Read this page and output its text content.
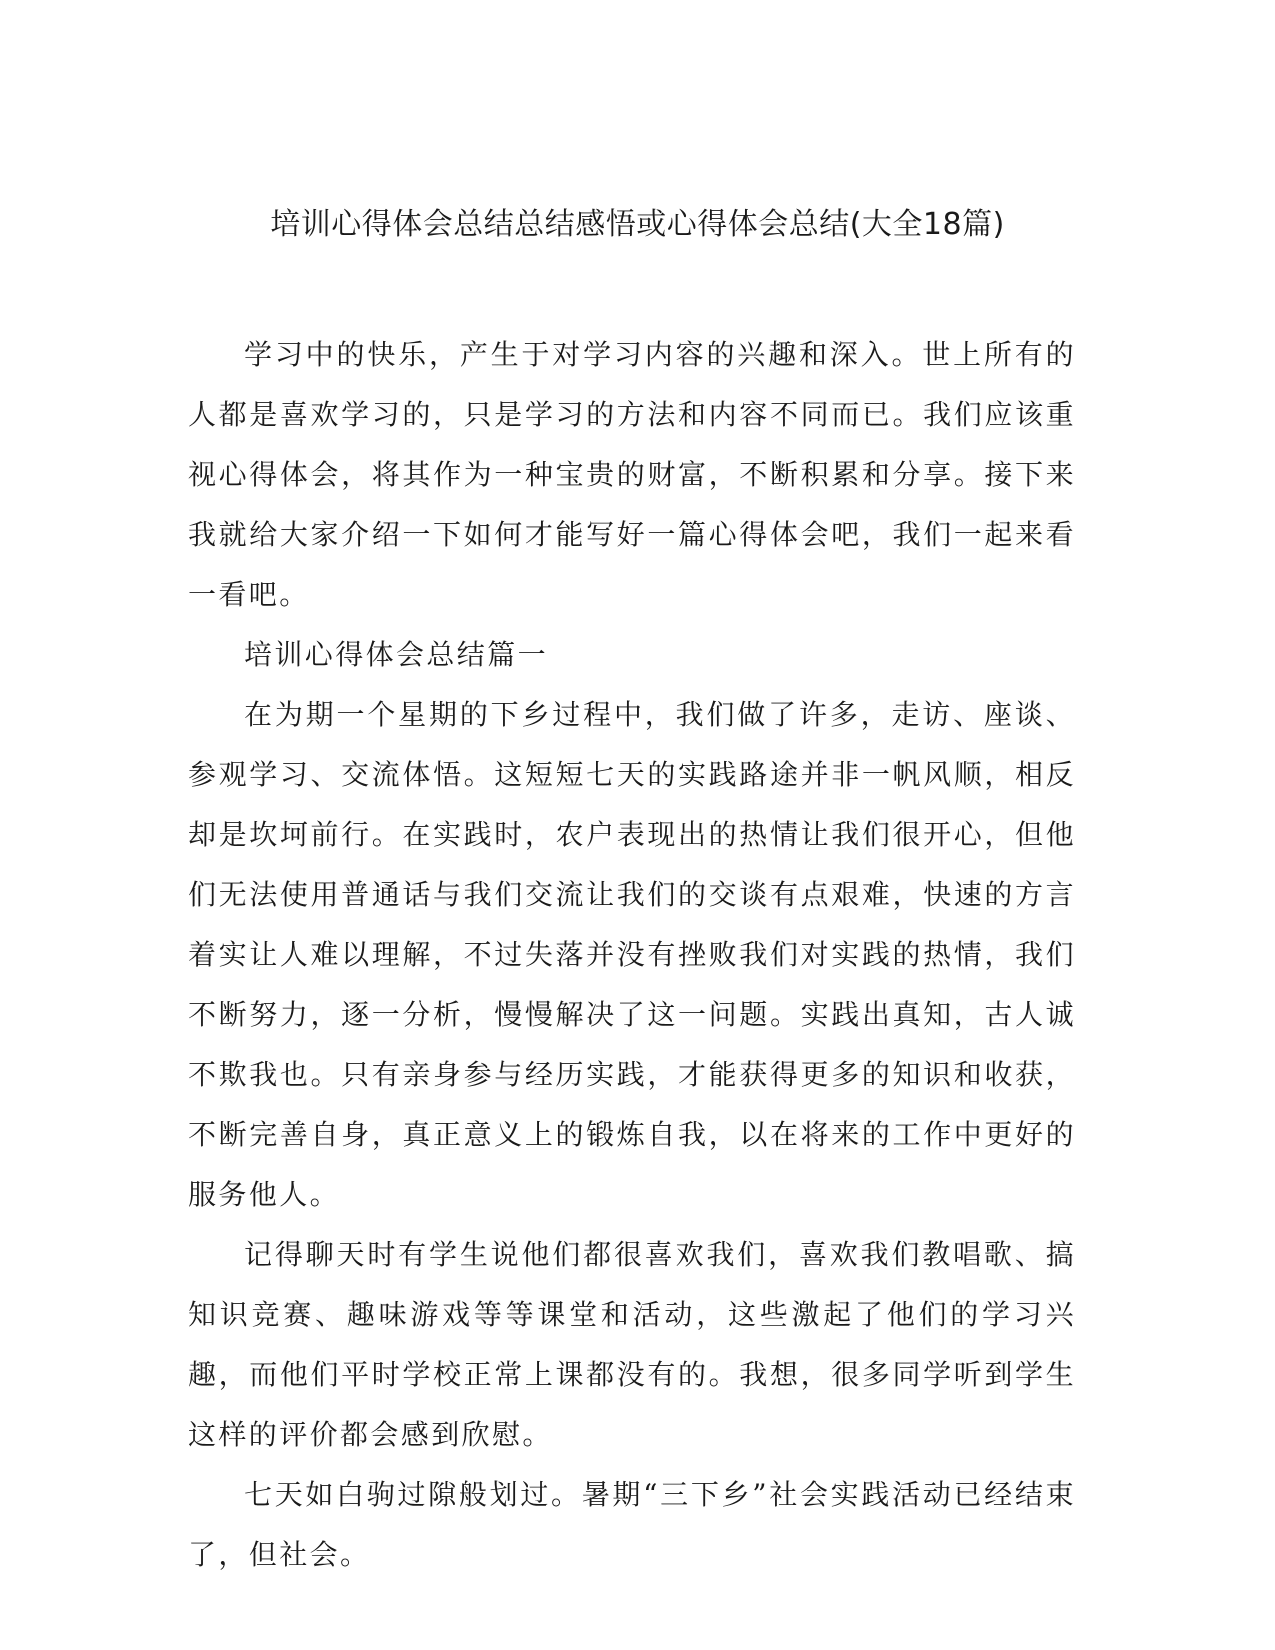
培训心得体会总结总结感悟或心得体会总结(大全18篇)

学习中的快乐，产生于对学习内容的兴趣和深入。世上所有的人都是喜欢学习的，只是学习的方法和内容不同而已。我们应该重视心得体会，将其作为一种宝贵的财富，不断积累和分享。接下来我就给大家介绍一下如何才能写好一篇心得体会吧，我们一起来看一看吧。

培训心得体会总结篇一

在为期一个星期的下乡过程中，我们做了许多，走访、座谈、参观学习、交流体悟。这短短七天的实践路途并非一帆风顺，相反却是坎坷前行。在实践时，农户表现出的热情让我们很开心，但他们无法使用普通话与我们交流让我们的交谈有点艰难，快速的方言着实让人难以理解，不过失落并没有挫败我们对实践的热情，我们不断努力，逐一分析，慢慢解决了这一问题。实践出真知，古人诚不欺我也。只有亲身参与经历实践，才能获得更多的知识和收获，不断完善自身，真正意义上的锻炼自我，以在将来的工作中更好的服务他人。

记得聊天时有学生说他们都很喜欢我们，喜欢我们教唱歌、搞知识竞赛、趣味游戏等等课堂和活动，这些激起了他们的学习兴趣，而他们平时学校正常上课都没有的。我想，很多同学听到学生这样的评价都会感到欣慰。

七天如白驹过隙般划过。暑期“三下乡”社会实践活动已经结束了，但社会。
